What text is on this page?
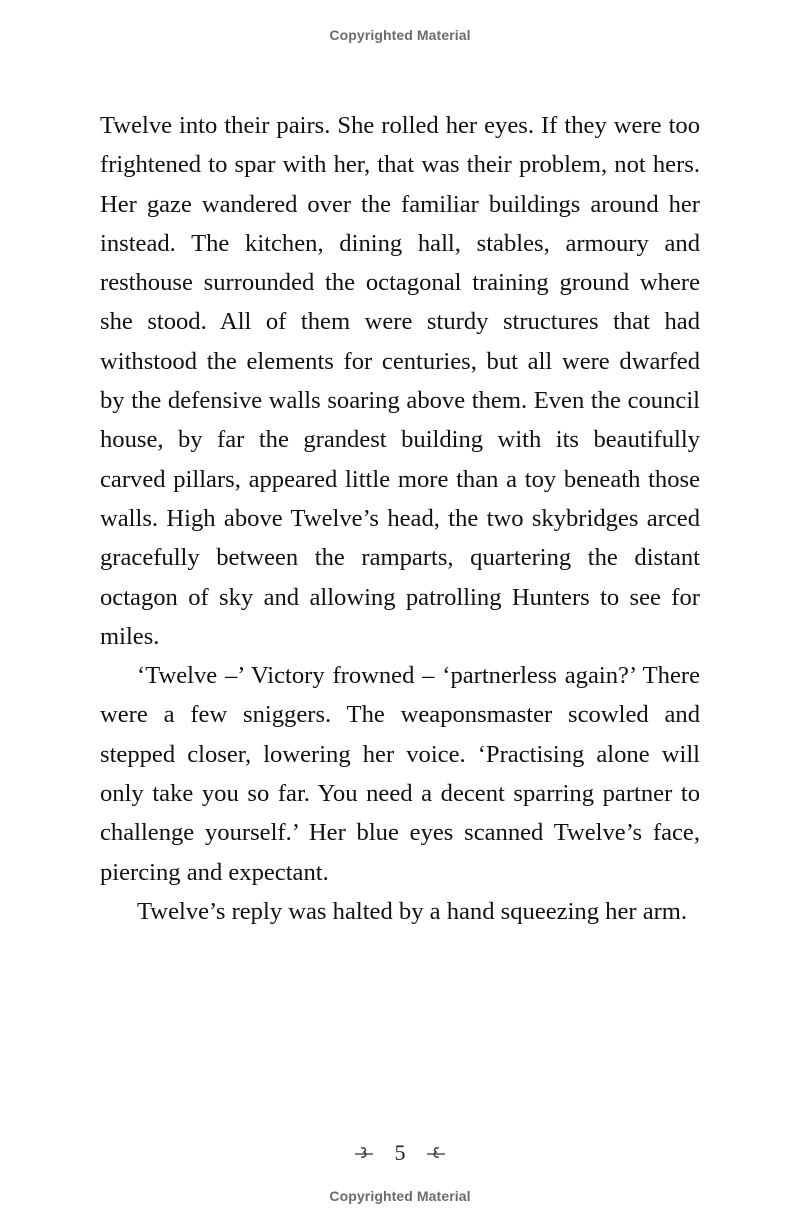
Copyrighted Material

Twelve into their pairs. She rolled her eyes. If they were too frightened to spar with her, that was their problem, not hers. Her gaze wandered over the familiar buildings around her instead. The kitchen, dining hall, stables, armoury and resthouse surrounded the octagonal training ground where she stood. All of them were sturdy structures that had withstood the elements for centuries, but all were dwarfed by the defensive walls soaring above them. Even the council house, by far the grandest building with its beautifully carved pillars, appeared little more than a toy beneath those walls. High above Twelve’s head, the two skybridges arced gracefully between the ramparts, quartering the distant octagon of sky and allowing patrolling Hunters to see for miles.

‘Twelve –’ Victory frowned – ‘partnerless again?’ There were a few sniggers. The weaponsmaster scowled and stepped closer, lowering her voice. ‘Practising alone will only take you so far. You need a decent sparring partner to challenge yourself.’ Her blue eyes scanned Twelve’s face, piercing and expectant.

Twelve’s reply was halted by a hand squeezing her arm.

5
Copyrighted Material
